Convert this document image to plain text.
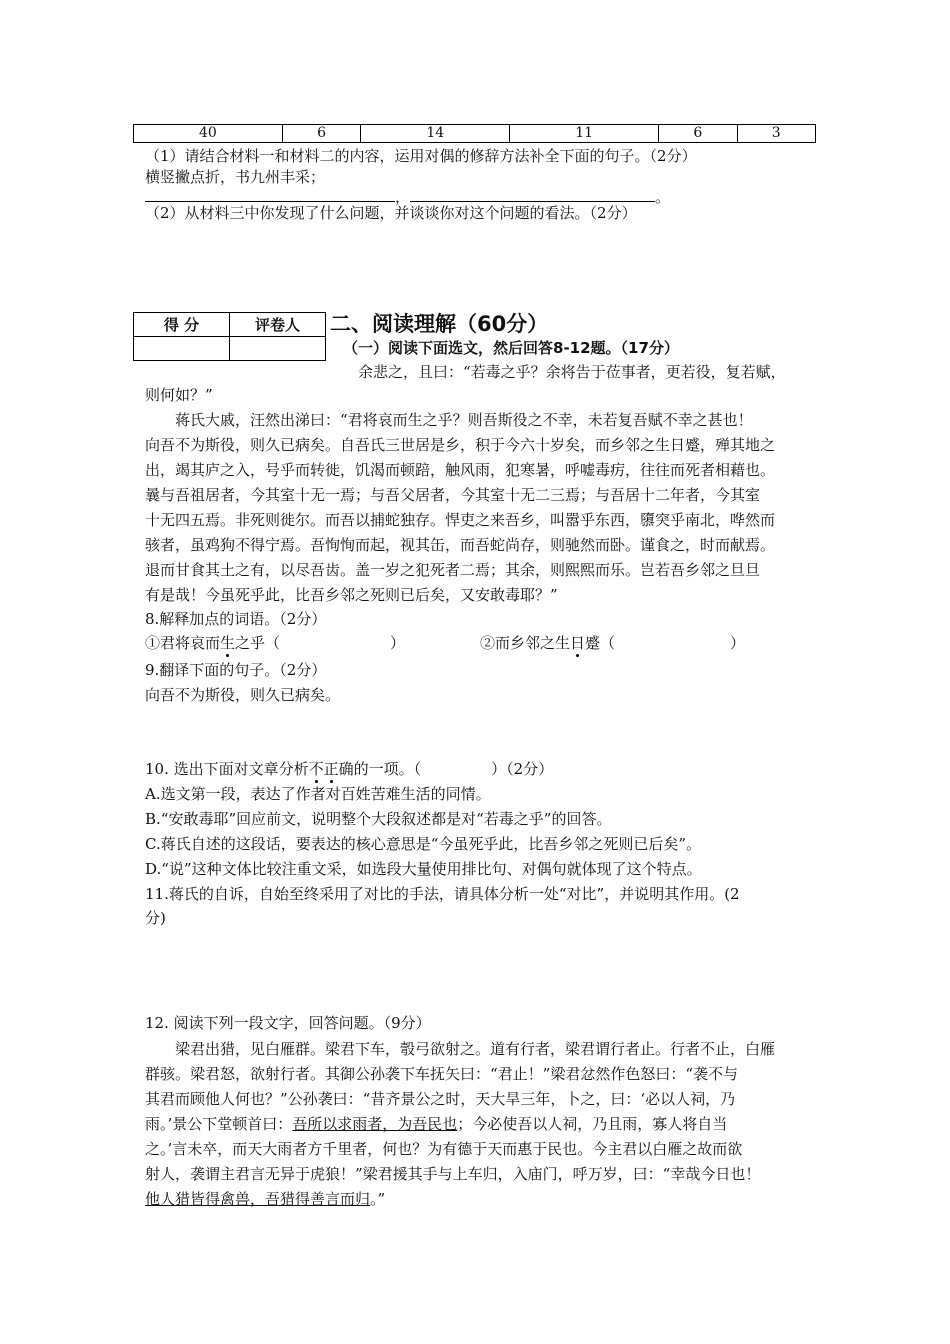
40	6	14	11	6	3
（1）请结合材料一和材料二的内容，运用对偶的修辞方法补全下面的句子。（2分）
横竖撇点折，书九州丰采；
，	。
（2）从材料三中你发现了什么问题，并谈谈你对这个问题的看法。（2分）
得 分	评卷人
	二、阅读理解（60分）
（一）阅读下面选文，然后回答8-12题。（17分）
余悲之，且曰：“若毒之乎？余将告于莅事者，更若役，复若赋，
则何如？”
蒋氏大戚，汪然出涕曰：“君将哀而生之乎？则吾斯役之不幸，未若复吾赋不幸之甚也！
向吾不为斯役，则久已病矣。自吾氏三世居是乡，积于今六十岁矣，而乡邻之生日蹙，殚其地之
出，竭其庐之入，号乎而转徙，饥渴而顿踣，触风雨，犯寒暑，呼嘘毒疠，往往而死者相藉也。
曩与吾祖居者，今其室十无一焉；与吾父居者，今其室十无二三焉；与吾居十二年者，今其室
十无四五焉。非死则徙尔。而吾以捕蛇独存。悍吏之来吾乡，叫嚣乎东西，隳突乎南北，哗然而
骇者，虽鸡狗不得宁焉。吾恂恂而起，视其缶，而吾蛇尚存，则驰然而卧。谨食之，时而献焉。
退而甘食其土之有，以尽吾齿。盖一岁之犯死者二焉；其余，则熙熙而乐。岂若吾乡邻之旦旦
有是哉！今虽死乎此，比吾乡邻之死则已后矣，又安敢毒耶？”
8.解释加点的词语。（2分）
①君将哀而生之乎（	）	②而乡邻之生日蹙（	）
9.翻译下面的句子。（2分）
向吾不为斯役，则久已病矣。
10. 选出下面对文章分析不正确的一项。（	）（2分）
A.选文第一段，表达了作者对百姓苦难生活的同情。
B.“安敢毒耶”回应前文，说明整个大段叙述都是对“若毒之乎”的回答。
C.蒋氏自述的这段话，要表达的核心意思是“今虽死乎此，比吾乡邻之死则已后矣”。
D.“说”这种文体比较注重文采，如选段大量使用排比句、对偶句就体现了这个特点。
11.蒋氏的自诉，自始至终采用了对比的手法，请具体分析一处“对比”，并说明其作用。(2
分)
12. 阅读下列一段文字，回答问题。（9分）
梁君出猎，见白雁群。梁君下车，彀弓欲射之。道有行者，梁君谓行者止。行者不止，白雁
群骇。梁君怒，欲射行者。其御公孙袭下车抚矢曰：“君止！”梁君忿然作色怒曰：“袭不与
其君而顾他人何也？”公孙袭曰：“昔齐景公之时，天大旱三年，卜之，曰：‘必以人祠，乃
雨。’景公下堂顿首曰：吾所以求雨者，为吾民也；今必使吾以人祠，乃且雨，寡人将自当
之。’言未卒，而天大雨者方千里者，何也？为有德于天而惠于民也。今主君以白雁之故而欲
射人，袭谓主君言无异于虎狼！”梁君援其手与上车归，入庙门，呼万岁，曰：“幸哉今日也！
他人猎皆得禽兽，吾猎得善言而归。”
